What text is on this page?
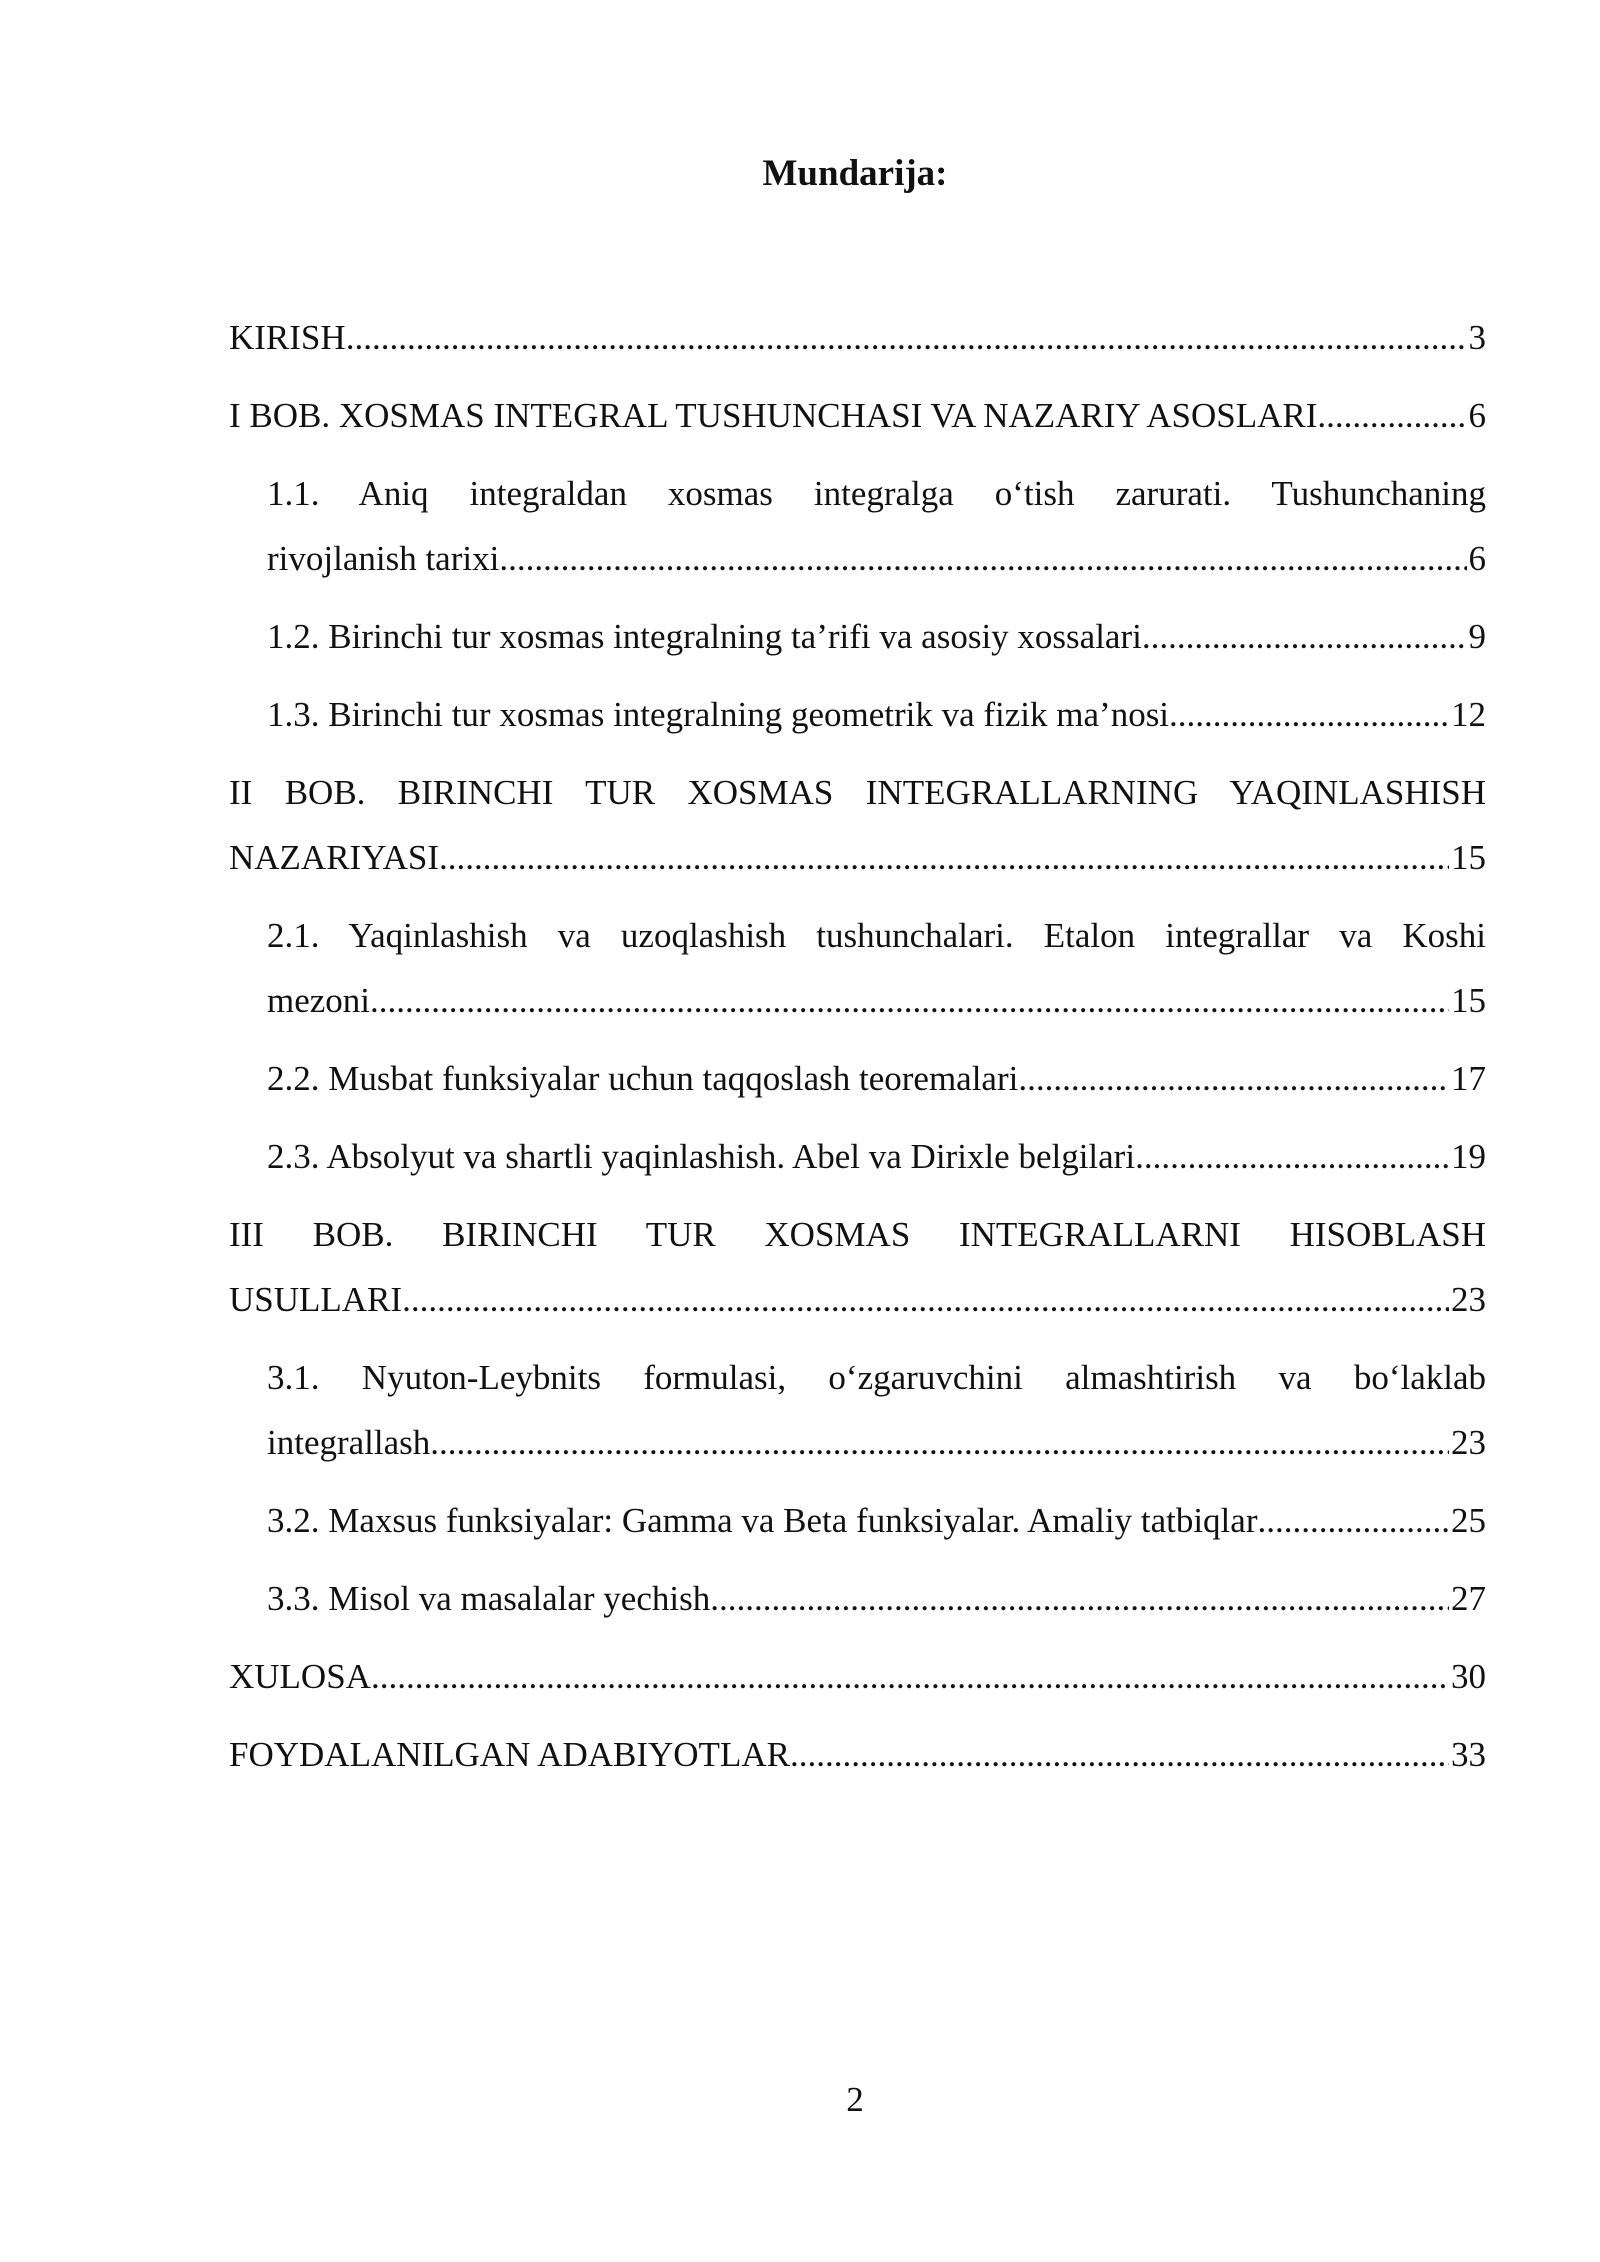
Mundarija:
KIRISH .....	3
I BOB. XOSMAS INTEGRAL TUSHUNCHASI VA NAZARIY ASOSLARI .....	6
1.1. Aniq integraldan xosmas integralga o‘tish zarurati. Tushunchaning
rivojlanish tarixi .....	6
1.2. Birinchi tur xosmas integralning ta’rifi va asosiy xossalari .....	9
1.3. Birinchi tur xosmas integralning geometrik va fizik ma’nosi .....	12
II BOB. BIRINCHI TUR XOSMAS INTEGRALLARNING YAQINLASHISH
NAZARIYASI .....	15
2.1. Yaqinlashish va uzoqlashish tushunchalari. Etalon integrallar va Koshi
mezoni .....	15
2.2. Musbat funksiyalar uchun taqqoslash teoremalari .....	17
2.3. Absolyut va shartli yaqinlashish. Abel va Dirixle belgilari .....	19
III BOB. BIRINCHI TUR XOSMAS INTEGRALLARNI HISOBLASH
USULLARI .....	23
3.1. Nyuton-Leybnits formulasi, o‘zgaruvchini almashtirish va bo‘laklab
integrallash .....	23
3.2. Maxsus funksiyalar: Gamma va Beta funksiyalar. Amaliy tatbiqlar .....	25
3.3. Misol va masalalar yechish .....	27
XULOSA .....	30
FOYDALANILGAN ADABIYOTLAR .....	33
2
